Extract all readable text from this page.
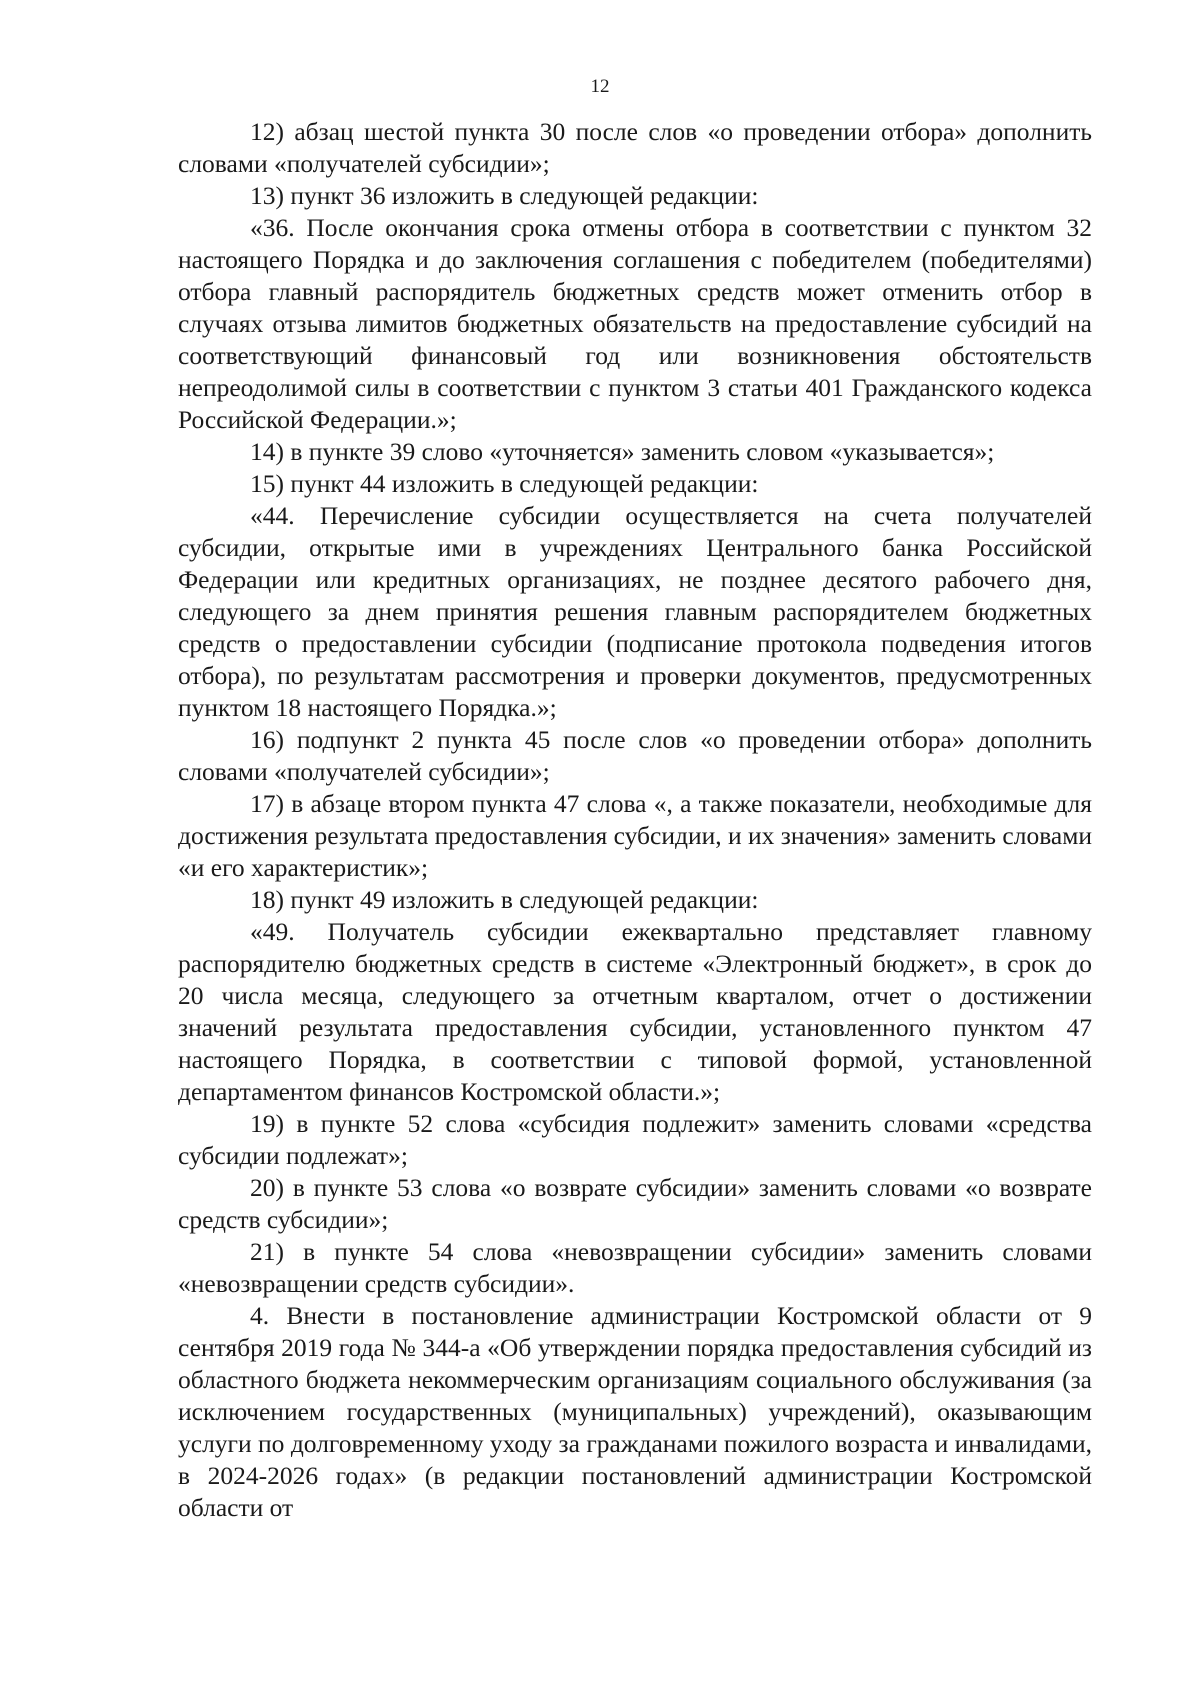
12

12) абзац шестой пункта 30 после слов «о проведении отбора» дополнить словами «получателей субсидии»;

13) пункт 36 изложить в следующей редакции:

«36. После окончания срока отмены отбора в соответствии с пунктом 32 настоящего Порядка и до заключения соглашения с победителем (победителями) отбора главный распорядитель бюджетных средств может отменить отбор в случаях отзыва лимитов бюджетных обязательств на предоставление субсидий на соответствующий финансовый год или возникновения обстоятельств непреодолимой силы в соответствии с пунктом 3 статьи 401 Гражданского кодекса Российской Федерации.»;

14) в пункте 39 слово «уточняется» заменить словом «указывается»;

15) пункт 44 изложить в следующей редакции:

«44. Перечисление субсидии осуществляется на счета получателей субсидии, открытые ими в учреждениях Центрального банка Российской Федерации или кредитных организациях, не позднее десятого рабочего дня, следующего за днем принятия решения главным распорядителем бюджетных средств о предоставлении субсидии (подписание протокола подведения итогов отбора), по результатам рассмотрения и проверки документов, предусмотренных пунктом 18 настоящего Порядка.»;

16) подпункт 2 пункта 45 после слов «о проведении отбора» дополнить словами «получателей субсидии»;

17) в абзаце втором пункта 47 слова «, а также показатели, необходимые для достижения результата предоставления субсидии, и их значения» заменить словами «и его характеристик»;

18) пункт 49 изложить в следующей редакции:

«49. Получатель субсидии ежеквартально представляет главному распорядителю бюджетных средств в системе «Электронный бюджет», в срок до 20 числа месяца, следующего за отчетным кварталом, отчет о достижении значений результата предоставления субсидии, установленного пунктом 47 настоящего Порядка, в соответствии с типовой формой, установленной департаментом финансов Костромской области.»;

19) в пункте 52 слова «субсидия подлежит» заменить словами «средства субсидии подлежат»;

20) в пункте 53 слова «о возврате субсидии» заменить словами «о возврате средств субсидии»;

21) в пункте 54 слова «невозвращении субсидии» заменить словами «невозвращении средств субсидии».

4. Внести в постановление администрации Костромской области от 9 сентября 2019 года № 344-а «Об утверждении порядка предоставления субсидий из областного бюджета некоммерческим организациям социального обслуживания (за исключением государственных (муниципальных) учреждений), оказывающим услуги по долговременному уходу за гражданами пожилого возраста и инвалидами, в 2024-2026 годах» (в редакции постановлений администрации Костромской области от
